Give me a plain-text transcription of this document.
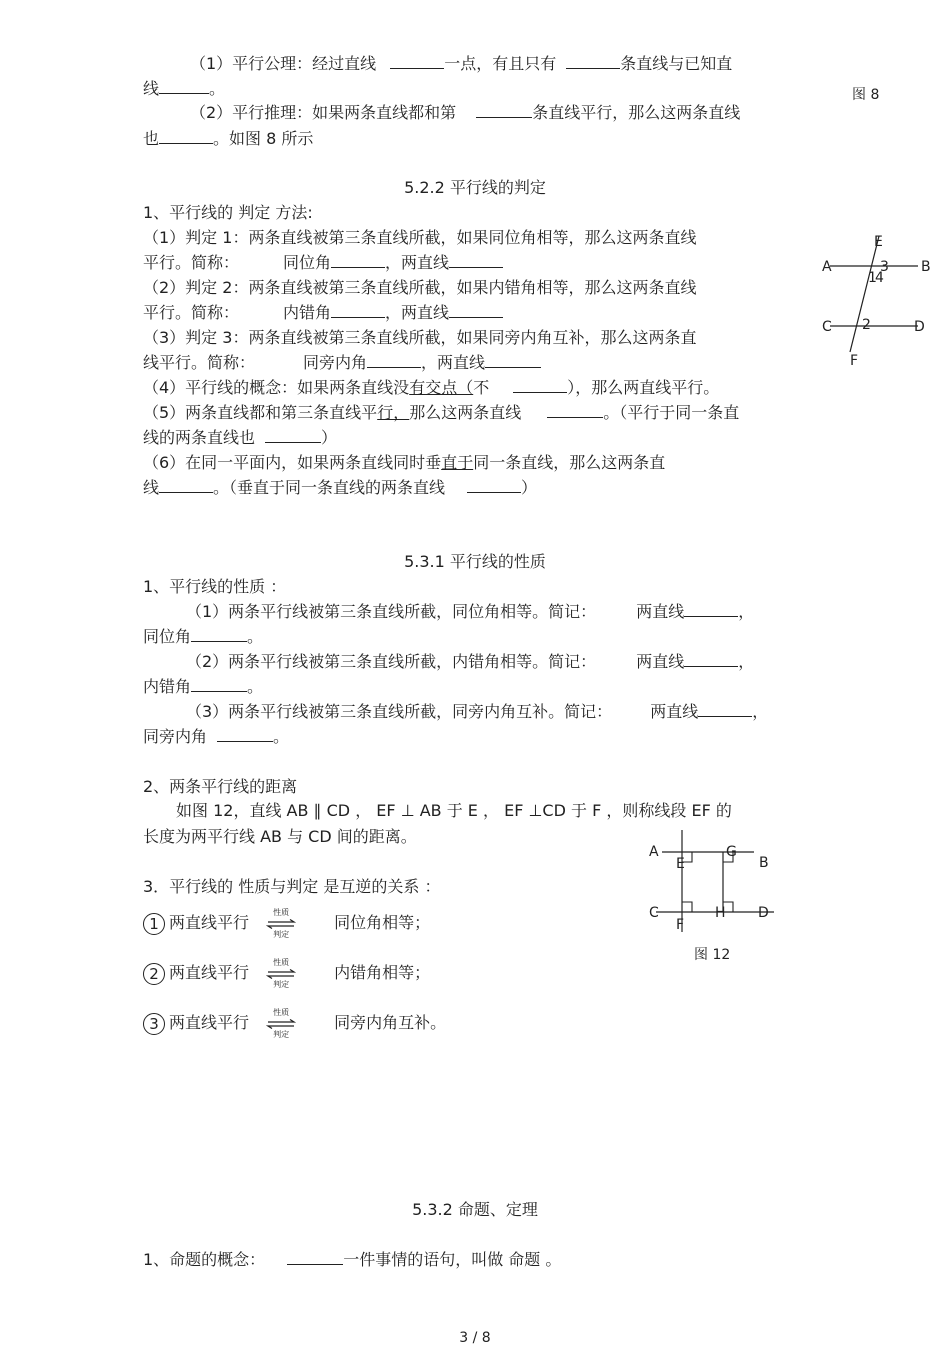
（1）平行公理：经过直线	一点，有且只有	条直线与已知直
线	。	图 8
（2）平行推理：如果两条直线都和第	条直线平行，那么这两条直线
也	。如图 8 所示
5.2.2 平行线的判定
1、平行线的 判定 方法:
（1）判定 1：两条直线被第三条直线所截，如果同位角相等，那么这两条直线
平行。简称：	同位角	，两直线
（2）判定 2：两条直线被第三条直线所截，如果内错角相等，那么这两条直线
平行。简称：	内错角	，两直线
（3）判定 3：两条直线被第三条直线所截，如果同旁内角互补，那么这两条直
线平行。简称：	同旁内角	，两直线
（4）平行线的概念：如果两条直线没有交点（不	），那么两直线平行。
（5）两条直线都和第三条直线平行，那么这两条直线	。（平行于同一条直
线的两条直线也	）
（6）在同一平面内，如果两条直线同时垂直于同一条直线，那么这两条直
线	。（垂直于同一条直线的两条直线	）
E
A	B
3
1
4
C 2	D
F
5.3.1 平行线的性质
1、平行线的性质 ：
（1）两条平行线被第三条直线所截，同位角相等。简记：	两直线	，
同位角	。
（2）两条平行线被第三条直线所截，内错角相等。简记：	两直线	，
内错角	。
（3）两条平行线被第三条直线所截，同旁内角互补。简记： 两直线	，
同旁内角	。
2、两条平行线的距离
如图 12，直线 AB ∥ CD ， EF ⊥ AB 于 E ， EF ⊥CD 于 F ，则称线段 EF 的
长度为两平行线 AB 与 CD 间的距离。
3．平行线的 性质与判定 是互逆的关系 ：
1 两直线平行
性质
判定
同位角相等；
2 两直线平行
性质
判定
内错角相等；
3 两直线平行
性质
判定
同旁内角互补。
A
E
G
B
C
F
H D
图 12
5.3.2 命题、定理
1、命题的概念：	一件事情的语句，叫做 命题 。
3 / 8
